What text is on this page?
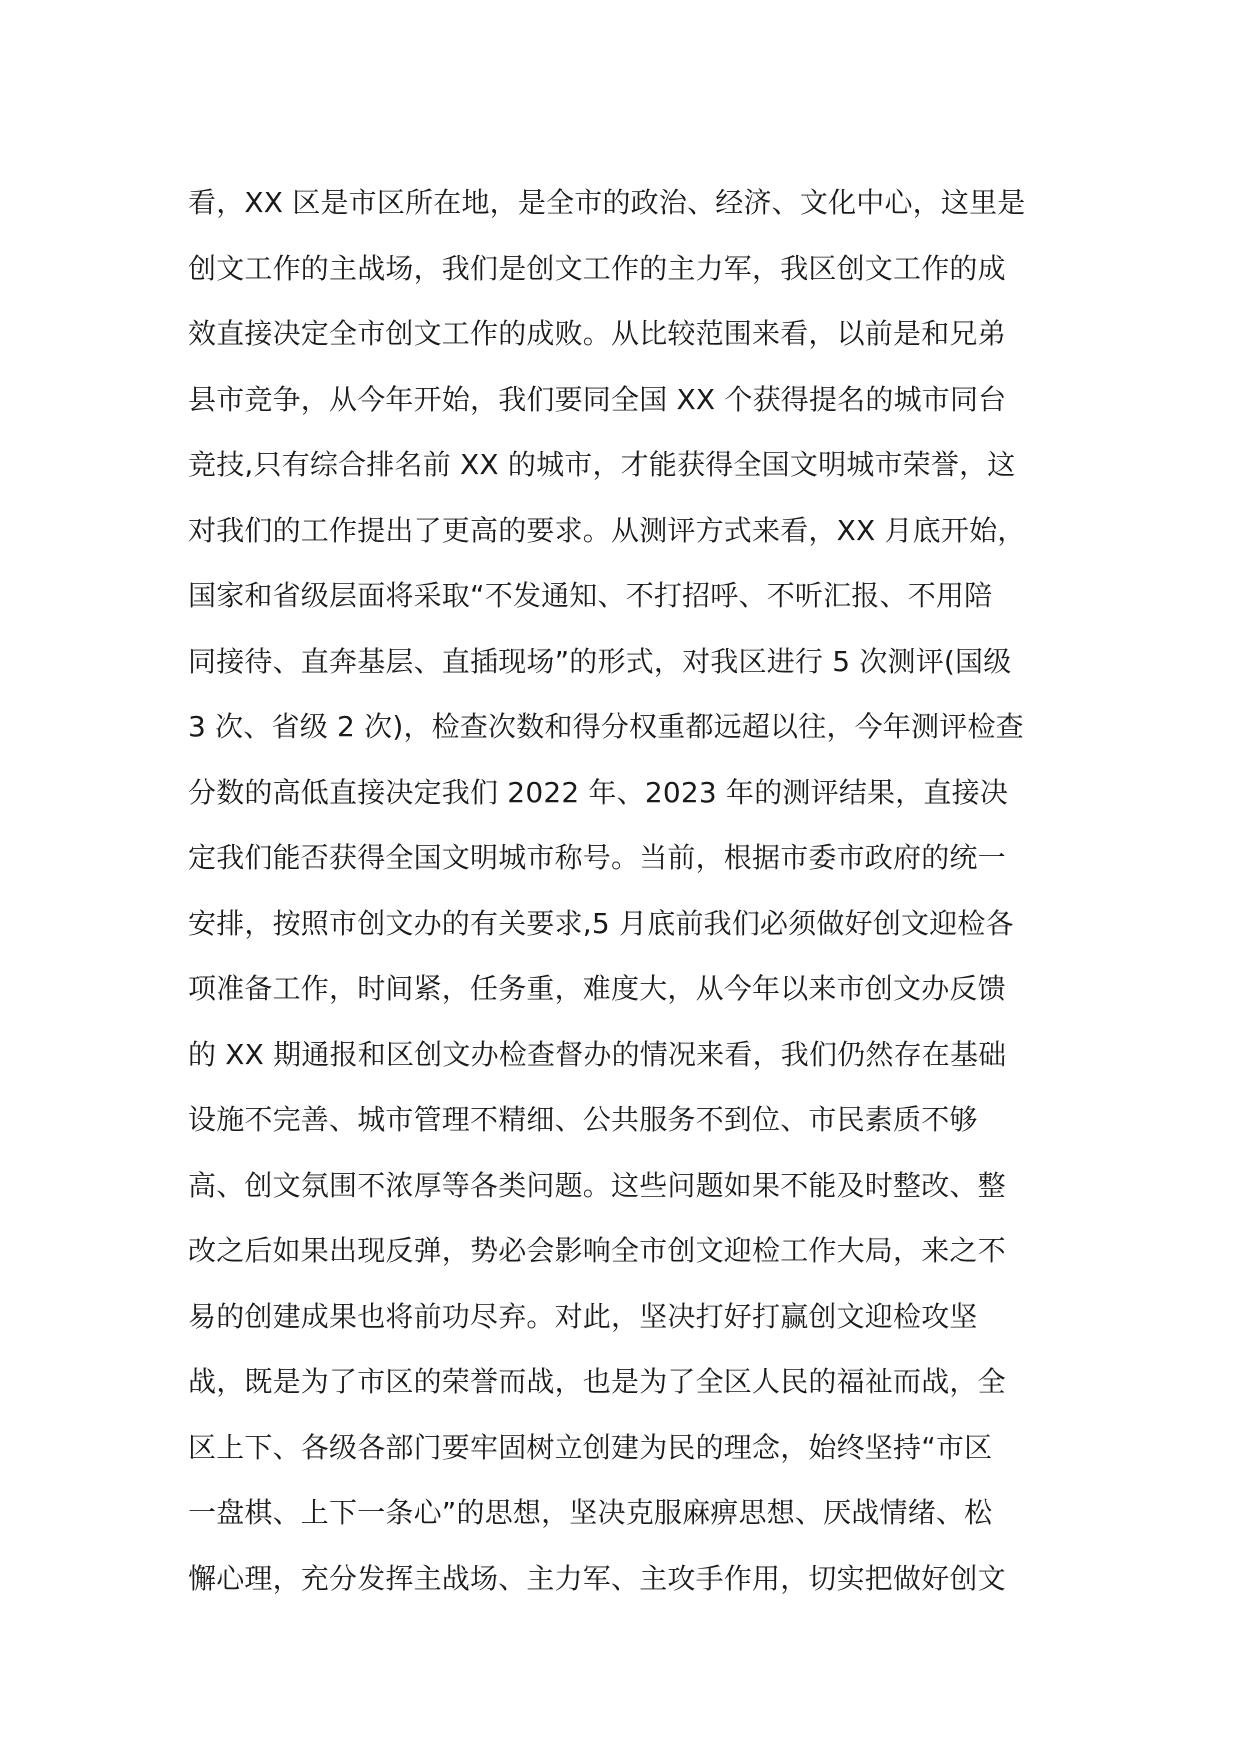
看，XX 区是市区所在地，是全市的政治、经济、文化中心，这里是
创文工作的主战场，我们是创文工作的主力军，我区创文工作的成
效直接决定全市创文工作的成败。从比较范围来看，以前是和兄弟
县市竞争，从今年开始，我们要同全国 XX 个获得提名的城市同台
竞技,只有综合排名前 XX 的城市，才能获得全国文明城市荣誉，这
对我们的工作提出了更高的要求。从测评方式来看，XX 月底开始，
国家和省级层面将采取“不发通知、不打招呼、不听汇报、不用陪
同接待、直奔基层、直插现场”的形式，对我区进行 5 次测评(国级
3 次、省级 2 次)，检查次数和得分权重都远超以往，今年测评检查
分数的高低直接决定我们 2022 年、2023 年的测评结果，直接决
定我们能否获得全国文明城市称号。当前，根据市委市政府的统一
安排，按照市创文办的有关要求,5 月底前我们必须做好创文迎检各
项准备工作，时间紧，任务重，难度大，从今年以来市创文办反馈
的 XX 期通报和区创文办检查督办的情况来看，我们仍然存在基础
设施不完善、城市管理不精细、公共服务不到位、市民素质不够
高、创文氛围不浓厚等各类问题。这些问题如果不能及时整改、整
改之后如果出现反弹，势必会影响全市创文迎检工作大局，来之不
易的创建成果也将前功尽弃。对此，坚决打好打赢创文迎检攻坚
战，既是为了市区的荣誉而战，也是为了全区人民的福祉而战，全
区上下、各级各部门要牢固树立创建为民的理念，始终坚持“市区
一盘棋、上下一条心”的思想，坚决克服麻痹思想、厌战情绪、松
懈心理，充分发挥主战场、主力军、主攻手作用，切实把做好创文
